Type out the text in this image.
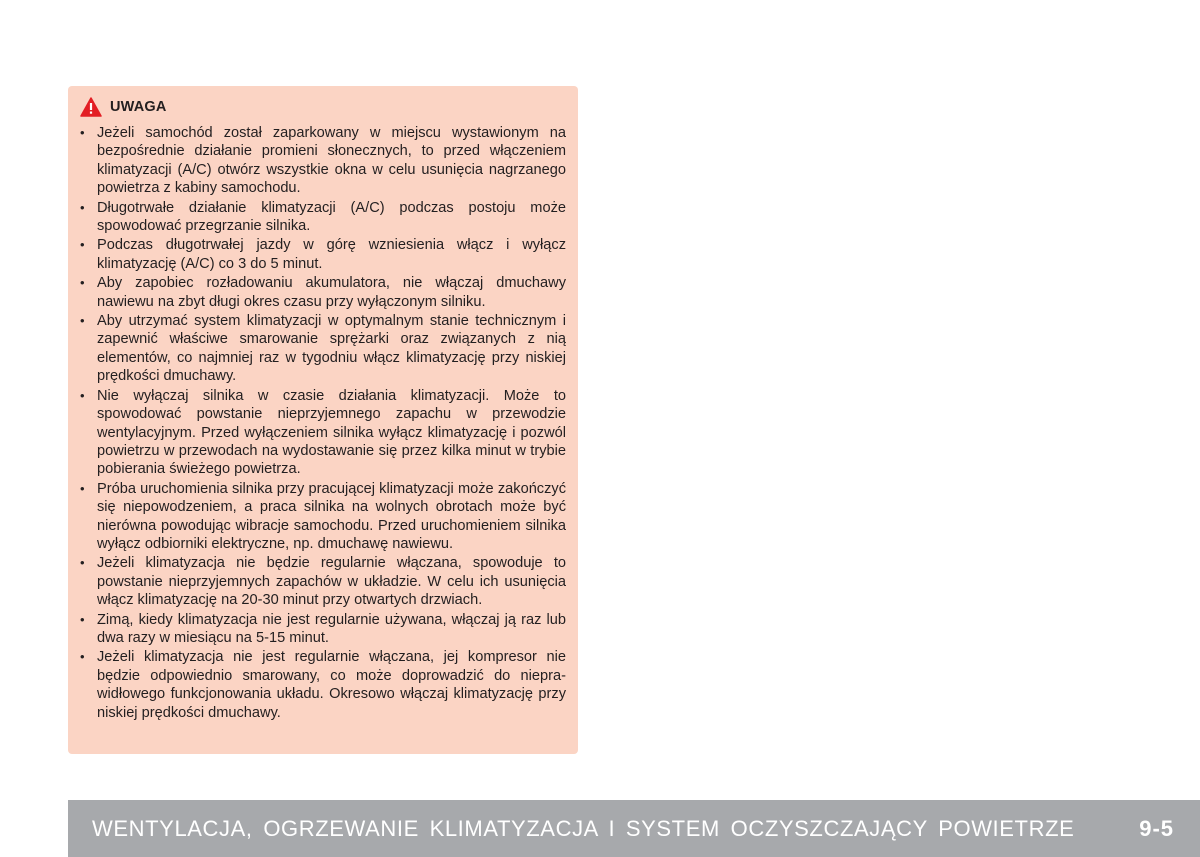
UWAGA
• Jeżeli samochód został zaparkowany w miejscu wystawionym na bezpośrednie działanie promieni słonecznych, to przed włączeniem klimatyzacji (A/C) otwórz wszystkie okna w celu usunięcia nagrzanego powietrza z kabiny samochodu.
• Długotrwałe działanie klimatyzacji (A/C) podczas postoju może spowodować przegrzanie silnika.
• Podczas długotrwałej jazdy w górę wzniesienia włącz i wyłącz klimatyzację (A/C) co 3 do 5 minut.
• Aby zapobiec rozładowaniu akumulatora, nie włączaj dmuchawy nawiewu na zbyt długi okres czasu przy wyłączonym silniku.
• Aby utrzymać system klimatyzacji w optymalnym stanie technicznym i zapewnić właściwe smarowanie sprężarki oraz związanych z nią elementów, co najmniej raz w tygodniu włącz klimatyzację przy niskiej prędkości dmuchawy.
• Nie wyłączaj silnika w czasie działania klimatyzacji. Może to spowodować powstanie nieprzyjemnego zapachu w przewodzie wentylacyjnym. Przed wyłączeniem silnika wyłącz klimatyzację i pozwól powietrzu w przewodach na wydostawanie się przez kilka minut w trybie pobierania świeżego powietrza.
• Próba uruchomienia silnika przy pracującej klimatyzacji może zakończyć się niepowodzeniem, a praca silnika na wolnych obrotach może być nierówna powodując wibracje samochodu. Przed uruchomieniem silnika wyłącz odbiorniki elektryczne, np. dmuchawę nawiewu.
• Jeżeli klimatyzacja nie będzie regularnie włączana, spowoduje to powstanie nieprzyjemnych zapachów w układzie. W celu ich usunięcia włącz klimatyzację na 20-30 minut przy otwartych drzwiach.
• Zimą, kiedy klimatyzacja nie jest regularnie używana, włączaj ją raz lub dwa razy w miesiącu na 5-15 minut.
• Jeżeli klimatyzacja nie jest regularnie włączana, jej kompresor nie będzie odpowiednio smarowany, co może doprowadzić do nieprawidłowego funkcjonowania układu. Okresowo włączaj klimatyzację przy niskiej prędkości dmuchawy.
WENTYLACJA, OGRZEWANIE KLIMATYZACJA I SYSTEM OCZYSZCZAJĄCY POWIETRZE	9-5
